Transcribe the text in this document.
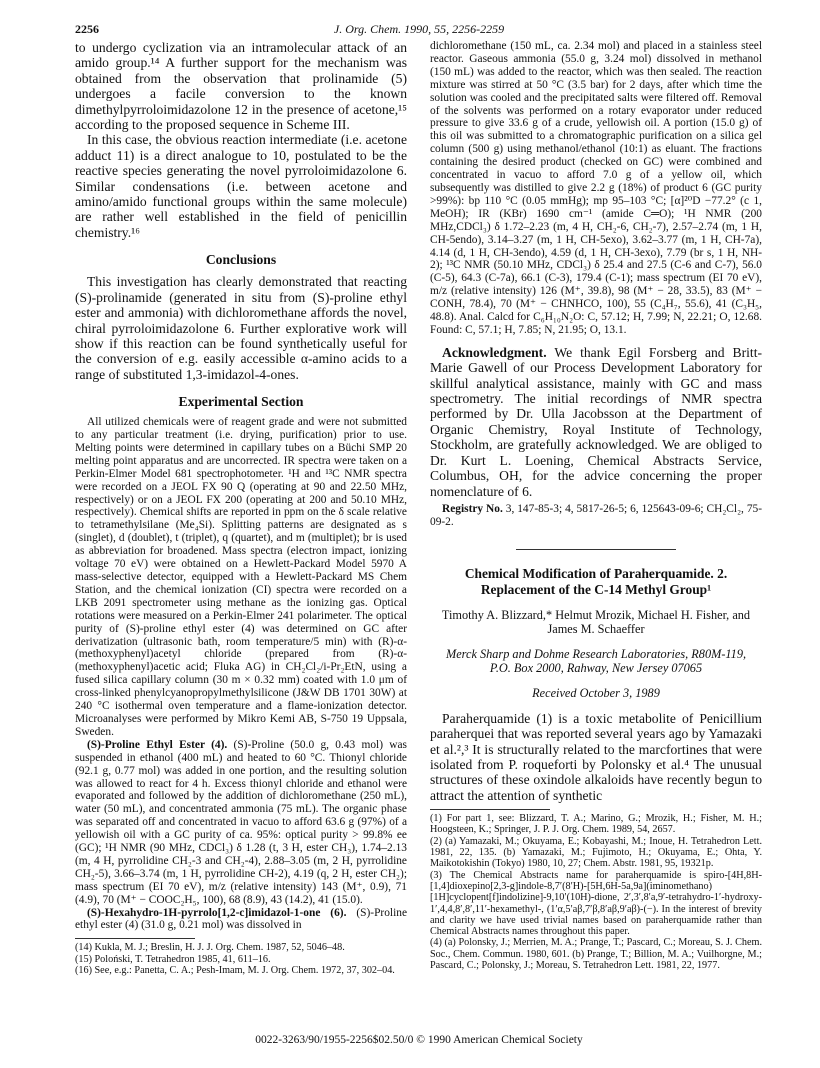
2256	J. Org. Chem. 1990, 55, 2256-2259

to undergo cyclization via an intramolecular attack of an amido group.¹⁴ A further support for the mechanism was obtained from the observation that prolinamide (5) undergoes a facile conversion to the known dimethylpyrroloimidazolone 12 in the presence of acetone,¹⁵ according to the proposed sequence in Scheme III.

In this case, the obvious reaction intermediate (i.e. acetone adduct 11) is a direct analogue to 10, postulated to be the reactive species generating the novel pyrroloimidazolone 6. Similar condensations (i.e. between acetone and amino/amido functional groups within the same molecule) are rather well established in the field of penicillin chemistry.¹⁶

Conclusions

This investigation has clearly demonstrated that reacting (S)-prolinamide (generated in situ from (S)-proline ethyl ester and ammonia) with dichloromethane affords the novel, chiral pyrroloimidazolone 6. Further explorative work will show if this reaction can be found synthetically useful for the conversion of e.g. easily accessible α-amino acids to a range of substituted 1,3-imidazol-4-ones.

Experimental Section

All utilized chemicals were of reagent grade and were not submitted to any particular treatment (i.e. drying, purification) prior to use. Melting points were determined in capillary tubes on a Büchi SMP 20 melting point apparatus and are uncorrected. IR spectra were taken on a Perkin-Elmer Model 681 spectrophotometer. ¹H and ¹³C NMR spectra were recorded on a JEOL FX 90 Q (operating at 90 and 22.50 MHz, respectively) or on a JEOL FX 200 (operating at 200 and 50.10 MHz, respectively). Chemical shifts are reported in ppm on the δ scale relative to tetramethylsilane (Me₄Si). Splitting patterns are designated as s (singlet), d (doublet), t (triplet), q (quartet), and m (multiplet); br is used as abbreviation for broadened. Mass spectra (electron impact, ionizing voltage 70 eV) were obtained on a Hewlett-Packard Model 5970 A mass-selective detector, equipped with a Hewlett-Packard MS Chem Station, and the chemical ionization (CI) spectra were recorded on a LKB 2091 spectrometer using methane as the ionizing gas. Optical rotations were measured on a Perkin-Elmer 241 polarimeter. The optical purity of (S)-proline ethyl ester (4) was determined on GC after derivatization (ultrasonic bath, room temperature/5 min) with (R)-α-(methoxyphenyl)acetyl chloride (prepared from (R)-α-(methoxyphenyl)acetic acid; Fluka AG) in CH₂Cl₂/i-Pr₂EtN, using a fused silica capillary column (30 m × 0.32 mm) coated with 1.0 μm of cross-linked phenylcyanopropylmethylsilicone (J&W DB 1701 30W) at 240 °C isothermal oven temperature and a flame-ionization detector. Microanalyses were performed by Mikro Kemi AB, S-750 19 Uppsala, Sweden.

(S)-Proline Ethyl Ester (4). (S)-Proline (50.0 g, 0.43 mol) was suspended in ethanol (400 mL) and heated to 60 °C. Thionyl chloride (92.1 g, 0.77 mol) was added in one portion, and the resulting solution was allowed to react for 4 h. Excess thionyl chloride and ethanol were evaporated and followed by the addition of dichloromethane (250 mL), water (50 mL), and concentrated ammonia (75 mL). The organic phase was separated off and concentrated in vacuo to afford 63.6 g (97%) of a yellowish oil with a GC purity of ca. 95%: optical purity > 99.8% ee (GC); ¹H NMR (90 MHz, CDCl₃) δ 1.28 (t, 3 H, ester CH₃), 1.74–2.13 (m, 4 H, pyrrolidine CH₂-3 and CH₂-4), 2.88–3.05 (m, 2 H, pyrrolidine CH₂-5), 3.66–3.74 (m, 1 H, pyrrolidine CH-2), 4.19 (q, 2 H, ester CH₂); mass spectrum (EI 70 eV), m/z (relative intensity) 143 (M⁺, 0.9), 71 (4.9), 70 (M⁺ − COOC₂H₅, 100), 68 (8.9), 43 (14.2), 41 (15.0).

(S)-Hexahydro-1H-pyrrolo[1,2-c]imidazol-1-one (6). (S)-Proline ethyl ester (4) (31.0 g, 0.21 mol) was dissolved in

(14) Kukla, M. J.; Breslin, H. J. J. Org. Chem. 1987, 52, 5046–48.

(15) Poloński, T. Tetrahedron 1985, 41, 611–16.

(16) See, e.g.: Panetta, C. A.; Pesh-Imam, M. J. Org. Chem. 1972, 37, 302–04.

dichloromethane (150 mL, ca. 2.34 mol) and placed in a stainless steel reactor. Gaseous ammonia (55.0 g, 3.24 mol) dissolved in methanol (150 mL) was added to the reactor, which was then sealed. The reaction mixture was stirred at 50 °C (3.5 bar) for 2 days, after which time the solution was cooled and the precipitated salts were filtered off. Removal of the solvents was performed on a rotary evaporator under reduced pressure to give 33.6 g of a crude, yellowish oil. A portion (15.0 g) of this oil was submitted to a chromatographic purification on a silica gel column (500 g) using methanol/ethanol (10:1) as eluant. The fractions containing the desired product (checked on GC) were combined and concentrated in vacuo to afford 7.0 g of a yellow oil, which subsequently was distilled to give 2.2 g (18%) of product 6 (GC purity >99%): bp 110 °C (0.05 mmHg); mp 95–103 °C; [α]²⁰D −77.2° (c 1, MeOH); IR (KBr) 1690 cm⁻¹ (amide C═O); ¹H NMR (200 MHz,CDCl₃) δ 1.72–2.23 (m, 4 H, CH₂-6, CH₂-7), 2.57–2.74 (m, 1 H, CH-5endo), 3.14–3.27 (m, 1 H, CH-5exo), 3.62–3.77 (m, 1 H, CH-7a), 4.14 (d, 1 H, CH-3endo), 4.59 (d, 1 H, CH-3exo), 7.79 (br s, 1 H, NH-2); ¹³C NMR (50.10 MHz, CDCl₃) δ 25.4 and 27.5 (C-6 and C-7), 56.0 (C-5), 64.3 (C-7a), 66.1 (C-3), 179.4 (C-1); mass spectrum (EI 70 eV), m/z (relative intensity) 126 (M⁺, 39.8), 98 (M⁺ − 28, 33.5), 83 (M⁺ − CONH, 78.4), 70 (M⁺ − CHNHCO, 100), 55 (C₄H₇, 55.6), 41 (C₃H₅, 48.8). Anal. Calcd for C₆H₁₀N₂O: C, 57.12; H, 7.99; N, 22.21; O, 12.68. Found: C, 57.1; H, 7.85; N, 21.95; O, 13.1.

Acknowledgment. We thank Egil Forsberg and Britt-Marie Gawell of our Process Development Laboratory for skillful analytical assistance, mainly with GC and mass spectrometry. The initial recordings of NMR spectra performed by Dr. Ulla Jacobsson at the Department of Organic Chemistry, Royal Institute of Technology, Stockholm, are gratefully acknowledged. We are obliged to Dr. Kurt L. Loening, Chemical Abstracts Service, Columbus, OH, for the advice concerning the proper nomenclature of 6.

Registry No. 3, 147-85-3; 4, 5817-26-5; 6, 125643-09-6; CH₂Cl₂, 75-09-2.

Chemical Modification of Paraherquamide. 2.
Replacement of the C-14 Methyl Group¹
Timothy A. Blizzard,* Helmut Mrozik, Michael H. Fisher, and James M. Schaeffer
Merck Sharp and Dohme Research Laboratories, R80M-119,
P.O. Box 2000, Rahway, New Jersey 07065
Received October 3, 1989

Paraherquamide (1) is a toxic metabolite of Penicillium paraherquei that was reported several years ago by Yamazaki et al.²,³ It is structurally related to the marcfortines that were isolated from P. roqueforti by Polonsky et al.⁴ The unusual structures of these oxindole alkaloids have recently begun to attract the attention of synthetic

(1) For part 1, see: Blizzard, T. A.; Marino, G.; Mrozik, H.; Fisher, M. H.; Hoogsteen, K.; Springer, J. P. J. Org. Chem. 1989, 54, 2657.

(2) (a) Yamazaki, M.; Okuyama, E.; Kobayashi, M.; Inoue, H. Tetrahedron Lett. 1981, 22, 135. (b) Yamazaki, M.; Fujimoto, H.; Okuyama, E.; Ohta, Y. Maikotokishin (Tokyo) 1980, 10, 27; Chem. Abstr. 1981, 95, 19321p.

(3) The Chemical Abstracts name for paraherquamide is spiro-[4H,8H-[1,4]dioxepino[2,3-g]indole-8,7′(8′H)-[5H,6H-5a,9a](iminomethano)[1H]cyclopent[f]indolizine]-9,10′(10H)-dione, 2′,3′,8′a,9′-tetrahydro-1′-hydroxy-1′,4,4,8′,8′,11′-hexamethyl-, (1′α,5′aβ,7′β,8′aβ,9′aβ)-(−). In the interest of brevity and clarity we have used trivial names based on paraherquamide rather than Chemical Abstracts names throughout this paper.

(4) (a) Polonsky, J.; Merrien, M. A.; Prange, T.; Pascard, C.; Moreau, S. J. Chem. Soc., Chem. Commun. 1980, 601. (b) Prange, T.; Billion, M. A.; Vuilhorgne, M.; Pascard, C.; Polonsky, J.; Moreau, S. Tetrahedron Lett. 1981, 22, 1977.

0022-3263/90/1955-2256$02.50/0 © 1990 American Chemical Society
